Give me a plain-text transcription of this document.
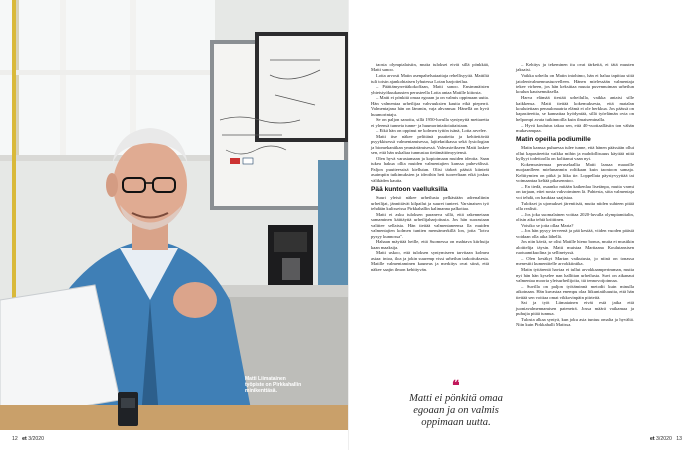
Matti Liimatainen työpiste on Pirkkahallin minikenttäsä.

taosta olympialaisiin, mutta tuloksei eivät sillä pönkkää, Matti sanoo.

Lotta arvosti Matin asenpahelsaiaattaja rehellisyyttä. Mattiltä tuli toisin ajankohtaisen lyhutessa Lotan harjotteilua.

– Päättämyrrettäkokoffaan, Matti sanoo. Ensimmäisten yhteistyökuukausien perusteella Lotta antaa Matille kiitosta.

– Matti ei pönkitä omaa egoaan ja on valmis oppimaan uutta. Hän valmentaa urheilijaa vahvuuksien kautta eikä pieperrä. Valmentajana hän on lämmin, vaja ahvamsar. Hänellä on hyvä huumorintaju.

Se on paljon sanottu, sillä 1950-luvulla syntynyttä mettaretta ei yleensä tunneta tunne- ja huumorintaitoiaitaistaan.

– Eikä hän on oppinut ne kolmen tyttön isänä, Lotta arvelee.

Matti itse näkee pelittänä puutteita ja kehitettävää psyykkisessä valmentamisessa, lajitekniikassa sekä fysiologian ja biomekaniikan ymmärtämisessä. Vahvasteikseen Matti laskee sen, että hän uskaltaa tunnustaa tietämättömyytensä.

Olen hyvä varastamaan ja kopioimaan muiden ideoita. Saan tukea hakua ollia muiden valmentajien kanssa puhevälissä. Paljon puutteessisä kiellutan. Olisi tärkeä päästä kiinteät asaimpiin tutkimuksien ja ideoihin heti tuoreeltaan eikä joskus välikäden kautta.

Pää kuntoon vaelluksilla

Suuri yleisö näkee urheilusta pelkästään adrenaliinin urheilijat, jännittävät kilpailut ja suuret tunteet. Varsinaisen työ tehdään kulisseissa Pirkkahallin kalimanna palkottaa.

Matti ei asku tuloksen paraneva sillä, että rakennetaan samaminen käittäyttä urheilijaharjoitusta. Jos hän suorastaan valittee sellaista. Hän tiettää valmentaneensa lla muiden valmentajien kolmen tuntien mensämerkillä lon, jotta "lotva pysyy kunnossa".

Hahaan mäyttää heille, että Suomessa on mahtava kiirhuija kaan maaksija.

Matti uskoo, että tuloksen syntymiseen tarvitaan kolmea asiaa: intoa, iloa ja jokin suuremp vissi urheilun tarkoituksesta. Matille valmentaminen kauneus ja merkitys ovat siinä, että näkee saajin ilmon kehittyvän.

❝
Matti ei pönkitä omaa egoaan ja on valmis oppimaan uutta.

– Kehitys ja tekeminen itu ovat tärkeitä, ei tätä muuten jaksaisi.

Vaikka urheilu on Matin intohimo, hän ei halua tapittaa siitä jatolentvalmennustuovelleen. Hänen mielessään valmentaja tekee virheen, jos hän keksittaa muuta puvennuiman urheilun koulun kautsemuksella.

Harva elämää tiestää urheilulla, vaikka antaisi sille kaikkensa. Matti tiettää kokemuksesta, että matalan koulutettaan penaulonaatria elämä ei ole herkkua. Jos päässä on kapasiteettia, se kannattaa hyödyntää, sillä työelämän ovia on helpompi avata tutkinnoilla kuin ilmaiseminalla.

– Hyvä koulutus takaa sen, että 40-vuotiaalläsiin ton vähän mukavampaa.

Matin opeilla podiumille

Matin kanssa puhuessa tulee tunne, että hänen päässään ollut ollut kapasiteettia vaikka mihin ja mahdollisuuus käyttää niitä kyllyyt todettoolla on kolttanut vaan nyt.

Kokemustermaa peruselaallia Matti laasaa maaoille nuojaanlleen mielunanmin roltikaan kuin taontoon samaja. Keltitymien on pitkä ja liika tie. Loppellata päystyvyyttää tai voimaantaa keltää pikasenntoo.

– En tiedä, osaanko mitään kaikenlaa lisetänpa, mutta varmi on tarjaan, ettei nosta vakvoiminen lä. Pahtesta, sitta valmentaja voi tehdä, on hauktaa saajistaa.

Tulokset ja ujomukset järentiisät, mutta niiden suhteen pitää olla realisti.

– Jos joka suomalainen voittaa 2020-luvulla olympiamitalin, olisin aika tehtä kriittinen.

Voisiko se jotta ollaa Maria?

– Jos hän pysyy terveenä ja pää kestää, viiden vuoden päästä voidaan olla aika lähellä.

Jos niin käviä, se olisi Matille hieno bonus, mutta ei musiikin aloittelija täysin. Matti muistaa Marttaana Koulutansisen ruotuamtkuolina ja sellinetyssä.

– Olen kesäkyt Martan vaikutusta, jo niinä on tonassa menestiti kumentitelle arvokkiintika.

Matin tyttärentä haviaa ei tullut arvokkaamperimman, mutta nyt hän hän kyselee nan hallittan urheilusta. Suvi on aikanaut valmentaa mooria yleisurheilijoita, ttä tennovoijoinnaa.

– Suvilla on paljon työtäminnä metodit kuin minulla aikoinaan. Hän kuvastaa enempu olaa liikuntatiluuutta, että hän tiettää sen voittaa omat vikkovinpäin piirteitä.

Sai ja työt Liimatainen eivät estä jatka että juoniavalmennamisen pateneträ. Jossa määrä vaikamaa ja puhujia pitää tunnua.

Tulosta alkaa syntyä, kun joku asia tuntuu omalta ja hyvältä. Niin kuin Pirkkahalli Matissa.

12 et 3/2020	et 3/2020 13
